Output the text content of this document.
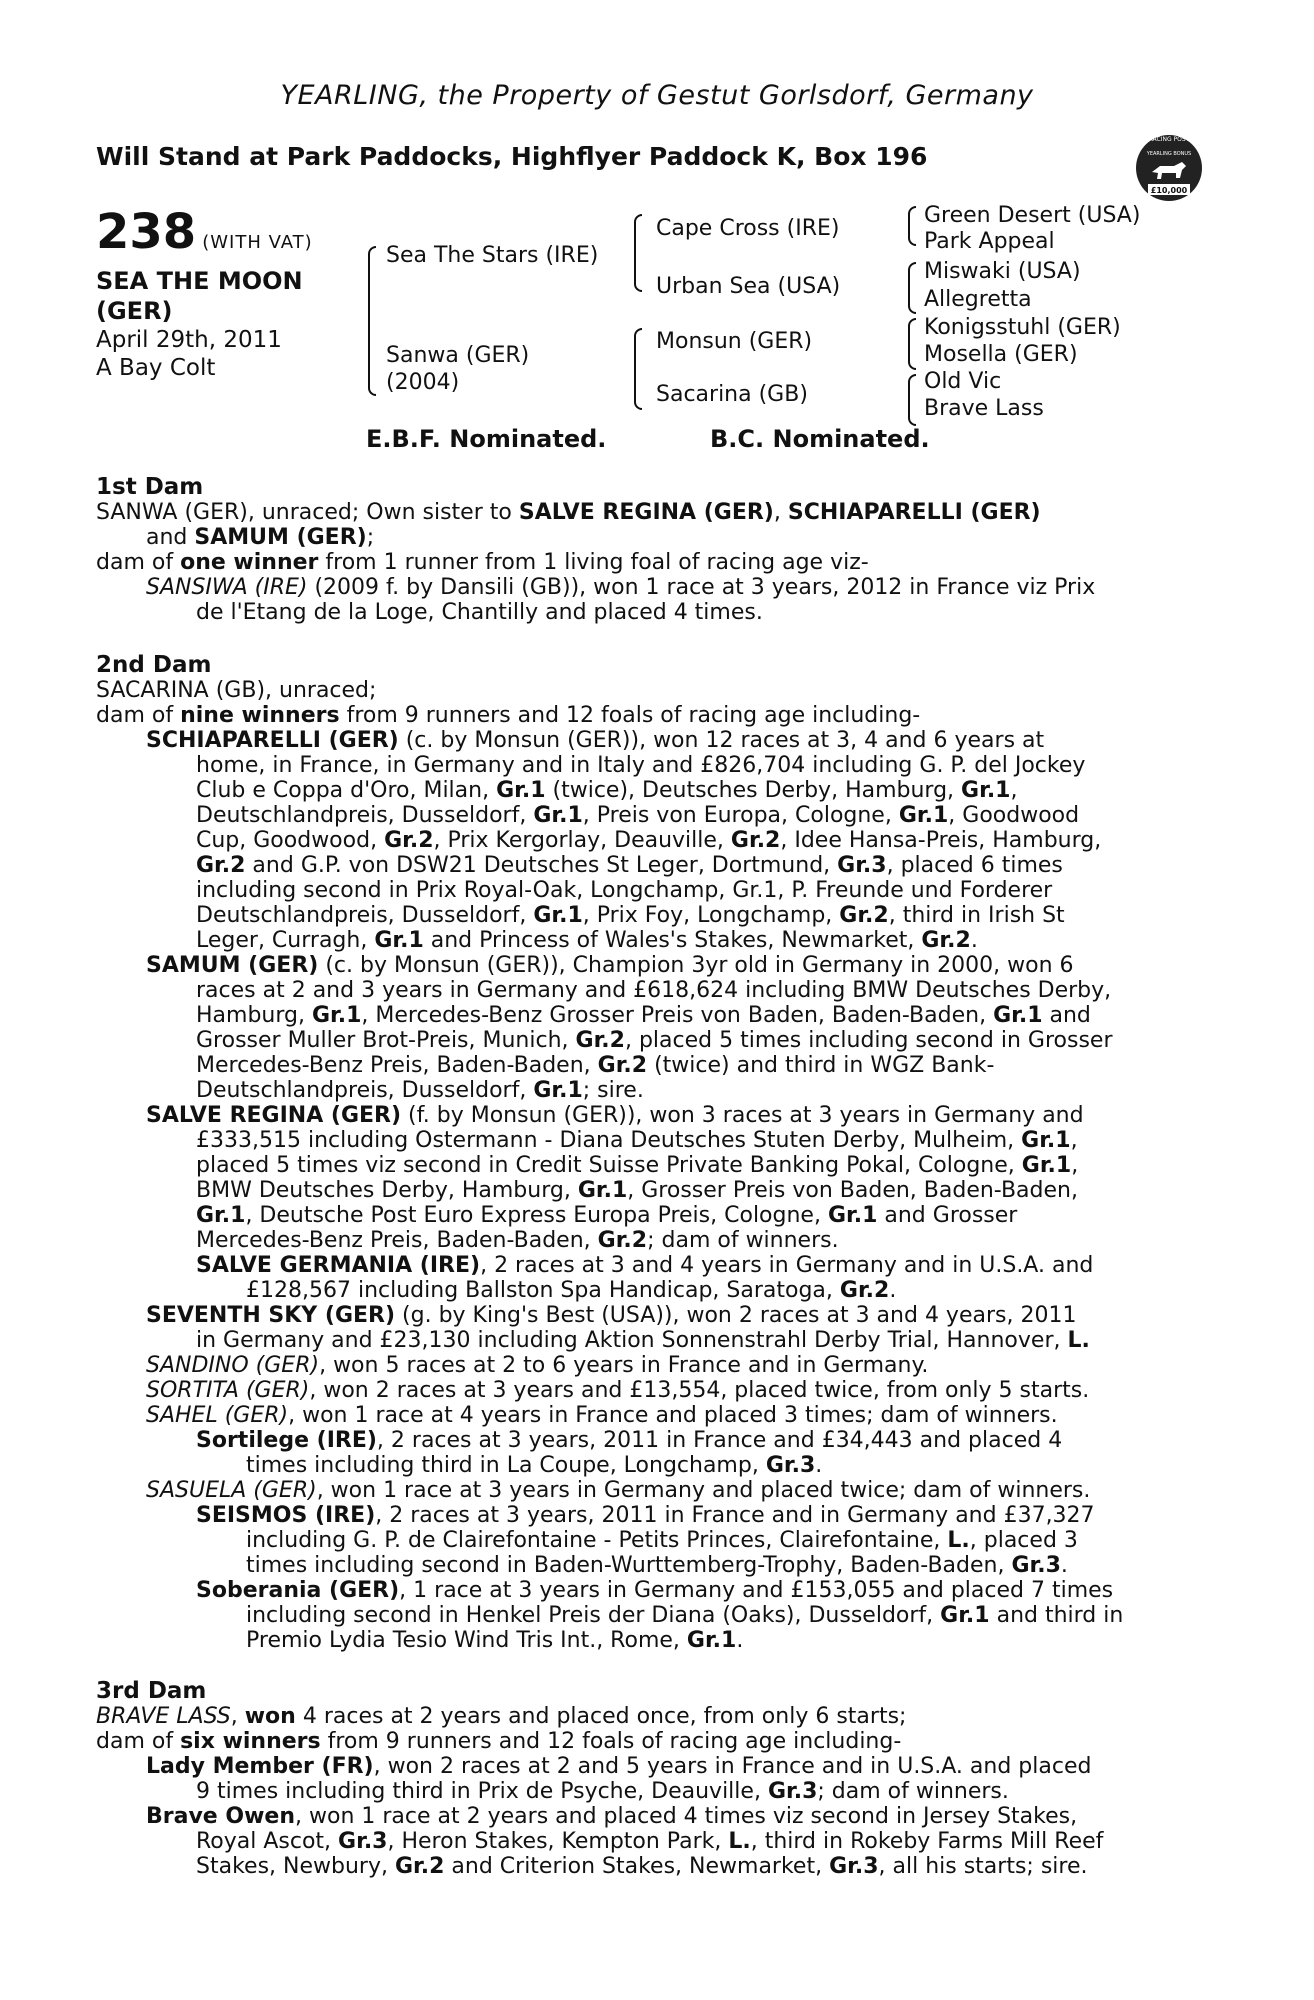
YEARLING, the Property of Gestut Gorlsdorf, Germany
Will Stand at Park Paddocks, Highflyer Paddock K, Box 196
RACING POST
YEARLING BONUS
£10,000
238 (WITH VAT)
SEA THE MOON
(GER)
April 29th, 2011
A Bay Colt
Sea The Stars (IRE)
Sanwa (GER)
(2004)
Cape Cross (IRE)
Urban Sea (USA)
Monsun (GER)
Sacarina (GB)
Green Desert (USA)
Park Appeal
Miswaki (USA)
Allegretta
Konigsstuhl (GER)
Mosella (GER)
Old Vic
Brave Lass
E.B.F. Nominated.	B.C. Nominated.
1st Dam
SANWA (GER), unraced; Own sister to SALVE REGINA (GER), SCHIAPARELLI (GER)
and SAMUM (GER);
dam of one winner from 1 runner from 1 living foal of racing age viz-
SANSIWA (IRE) (2009 f. by Dansili (GB)), won 1 race at 3 years, 2012 in France viz Prix
de l'Etang de la Loge, Chantilly and placed 4 times.
2nd Dam
SACARINA (GB), unraced;
dam of nine winners from 9 runners and 12 foals of racing age including-
SCHIAPARELLI (GER) (c. by Monsun (GER)), won 12 races at 3, 4 and 6 years at
home, in France, in Germany and in Italy and £826,704 including G. P. del Jockey
Club e Coppa d'Oro, Milan, Gr.1 (twice), Deutsches Derby, Hamburg, Gr.1,
Deutschlandpreis, Dusseldorf, Gr.1, Preis von Europa, Cologne, Gr.1, Goodwood
Cup, Goodwood, Gr.2, Prix Kergorlay, Deauville, Gr.2, Idee Hansa-Preis, Hamburg,
Gr.2 and G.P. von DSW21 Deutsches St Leger, Dortmund, Gr.3, placed 6 times
including second in Prix Royal-Oak, Longchamp, Gr.1, P. Freunde und Forderer
Deutschlandpreis, Dusseldorf, Gr.1, Prix Foy, Longchamp, Gr.2, third in Irish St
Leger, Curragh, Gr.1 and Princess of Wales's Stakes, Newmarket, Gr.2.
SAMUM (GER) (c. by Monsun (GER)), Champion 3yr old in Germany in 2000, won 6
races at 2 and 3 years in Germany and £618,624 including BMW Deutsches Derby,
Hamburg, Gr.1, Mercedes-Benz Grosser Preis von Baden, Baden-Baden, Gr.1 and
Grosser Muller Brot-Preis, Munich, Gr.2, placed 5 times including second in Grosser
Mercedes-Benz Preis, Baden-Baden, Gr.2 (twice) and third in WGZ Bank-
Deutschlandpreis, Dusseldorf, Gr.1; sire.
SALVE REGINA (GER) (f. by Monsun (GER)), won 3 races at 3 years in Germany and
£333,515 including Ostermann - Diana Deutsches Stuten Derby, Mulheim, Gr.1,
placed 5 times viz second in Credit Suisse Private Banking Pokal, Cologne, Gr.1,
BMW Deutsches Derby, Hamburg, Gr.1, Grosser Preis von Baden, Baden-Baden,
Gr.1, Deutsche Post Euro Express Europa Preis, Cologne, Gr.1 and Grosser
Mercedes-Benz Preis, Baden-Baden, Gr.2; dam of winners.
SALVE GERMANIA (IRE), 2 races at 3 and 4 years in Germany and in U.S.A. and
£128,567 including Ballston Spa Handicap, Saratoga, Gr.2.
SEVENTH SKY (GER) (g. by King's Best (USA)), won 2 races at 3 and 4 years, 2011
in Germany and £23,130 including Aktion Sonnenstrahl Derby Trial, Hannover, L.
SANDINO (GER), won 5 races at 2 to 6 years in France and in Germany.
SORTITA (GER), won 2 races at 3 years and £13,554, placed twice, from only 5 starts.
SAHEL (GER), won 1 race at 4 years in France and placed 3 times; dam of winners.
Sortilege (IRE), 2 races at 3 years, 2011 in France and £34,443 and placed 4
times including third in La Coupe, Longchamp, Gr.3.
SASUELA (GER), won 1 race at 3 years in Germany and placed twice; dam of winners.
SEISMOS (IRE), 2 races at 3 years, 2011 in France and in Germany and £37,327
including G. P. de Clairefontaine - Petits Princes, Clairefontaine, L., placed 3
times including second in Baden-Wurttemberg-Trophy, Baden-Baden, Gr.3.
Soberania (GER), 1 race at 3 years in Germany and £153,055 and placed 7 times
including second in Henkel Preis der Diana (Oaks), Dusseldorf, Gr.1 and third in
Premio Lydia Tesio Wind Tris Int., Rome, Gr.1.
3rd Dam
BRAVE LASS, won 4 races at 2 years and placed once, from only 6 starts;
dam of six winners from 9 runners and 12 foals of racing age including-
Lady Member (FR), won 2 races at 2 and 5 years in France and in U.S.A. and placed
9 times including third in Prix de Psyche, Deauville, Gr.3; dam of winners.
Brave Owen, won 1 race at 2 years and placed 4 times viz second in Jersey Stakes,
Royal Ascot, Gr.3, Heron Stakes, Kempton Park, L., third in Rokeby Farms Mill Reef
Stakes, Newbury, Gr.2 and Criterion Stakes, Newmarket, Gr.3, all his starts; sire.
